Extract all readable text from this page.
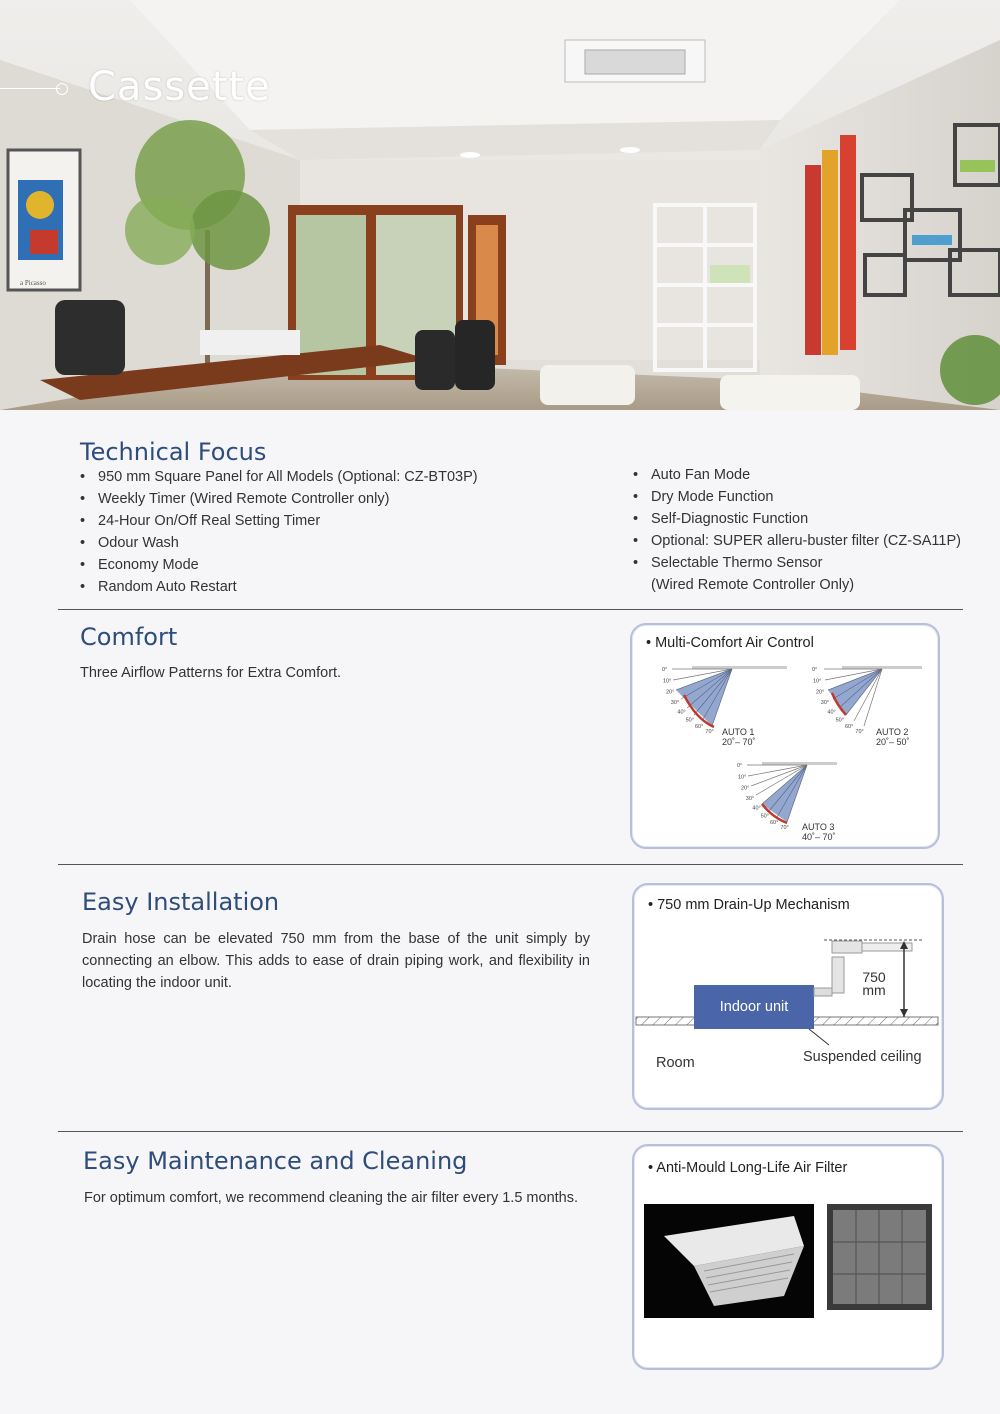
a Picasso
Cassette
Technical Focus
• 950 mm Square Panel for All Models (Optional: CZ-BT03P)
• Weekly Timer (Wired Remote Controller only)
• 24-Hour On/Off Real Setting Timer
• Odour Wash
• Economy Mode
• Random Auto Restart
• Auto Fan Mode
• Dry Mode Function
• Self-Diagnostic Function
• Optional: SUPER alleru-buster filter (CZ-SA11P)
• Selectable Thermo Sensor
(Wired Remote Controller Only)
Comfort
Three Airflow Patterns for Extra Comfort.
• Multi-Comfort Air Control
AUTO 1
20˚– 70˚
AUTO 2
20˚– 50˚
AUTO 3
40˚– 70˚
0°
10°
20°
30°
40°
50°
60°
70°
0°
10°
20°
30°
40°
50°
60°
70°
0°
10°
20°
30°
40°
50°
60°
70°
Easy Installation
Drain hose can be elevated 750 mm from the base of the unit simply by connecting an elbow. This adds to ease of drain piping work, and flexibility in locating the indoor unit.
• 750 mm Drain-Up Mechanism
Indoor unit
750
mm
Room	Suspended ceiling
Easy Maintenance and Cleaning
For optimum comfort, we recommend cleaning the air filter every 1.5 months.
• Anti-Mould Long-Life Air Filter
